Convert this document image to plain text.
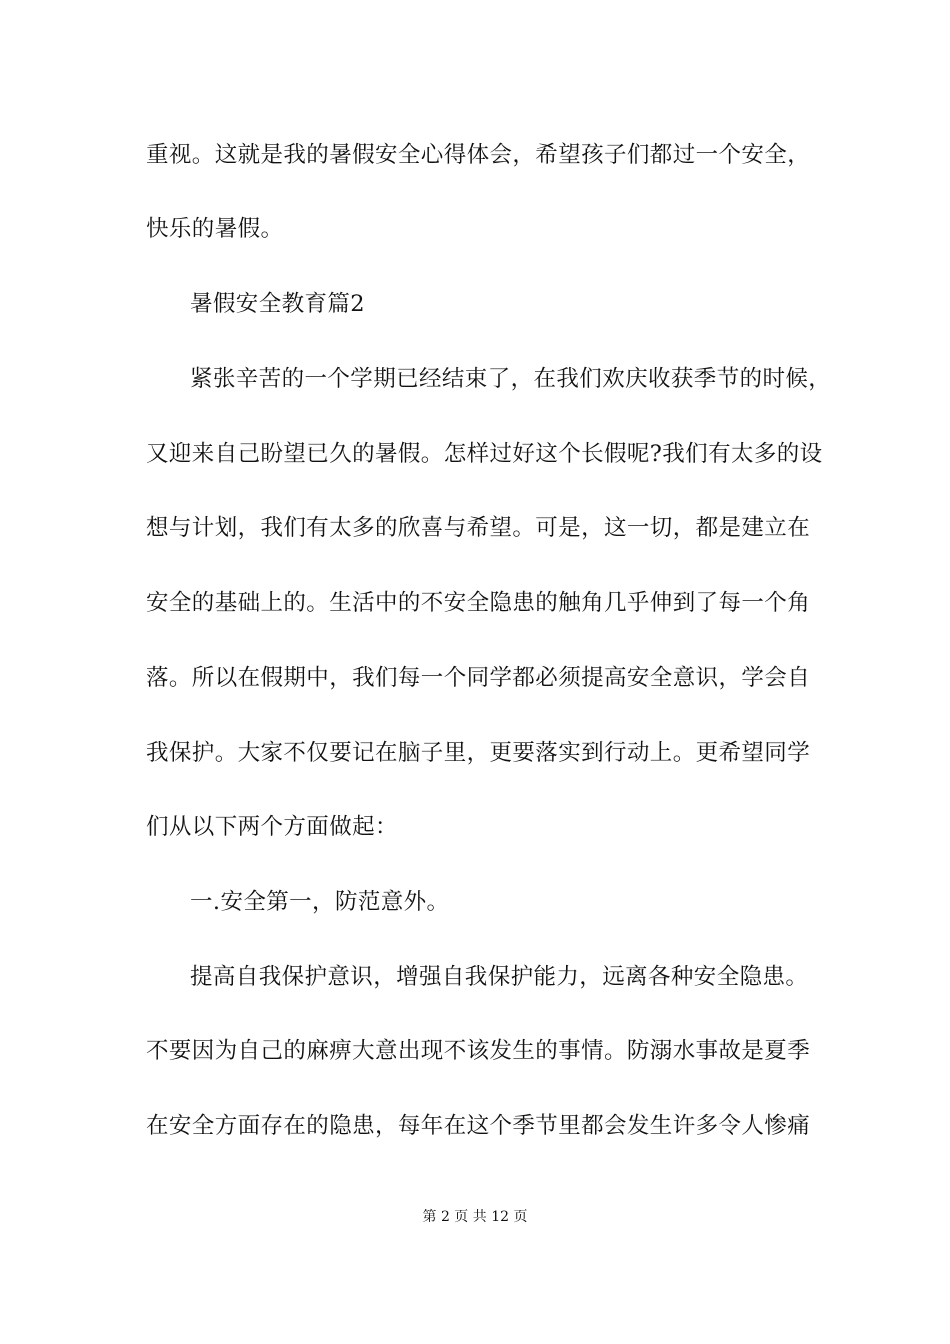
重视。这就是我的暑假安全心得体会，希望孩子们都过一个安全，
快乐的暑假。
暑假安全教育篇2
紧张辛苦的一个学期已经结束了，在我们欢庆收获季节的时候，
又迎来自己盼望已久的暑假。怎样过好这个长假呢?我们有太多的设
想与计划，我们有太多的欣喜与希望。可是，这一切，都是建立在
安全的基础上的。生活中的不安全隐患的触角几乎伸到了每一个角
落。所以在假期中，我们每一个同学都必须提高安全意识，学会自
我保护。大家不仅要记在脑子里，更要落实到行动上。更希望同学
们从以下两个方面做起：
一.安全第一，防范意外。
提高自我保护意识，增强自我保护能力，远离各种安全隐患。
不要因为自己的麻痹大意出现不该发生的事情。防溺水事故是夏季
在安全方面存在的隐患，每年在这个季节里都会发生许多令人惨痛
第 2 页 共 12 页
